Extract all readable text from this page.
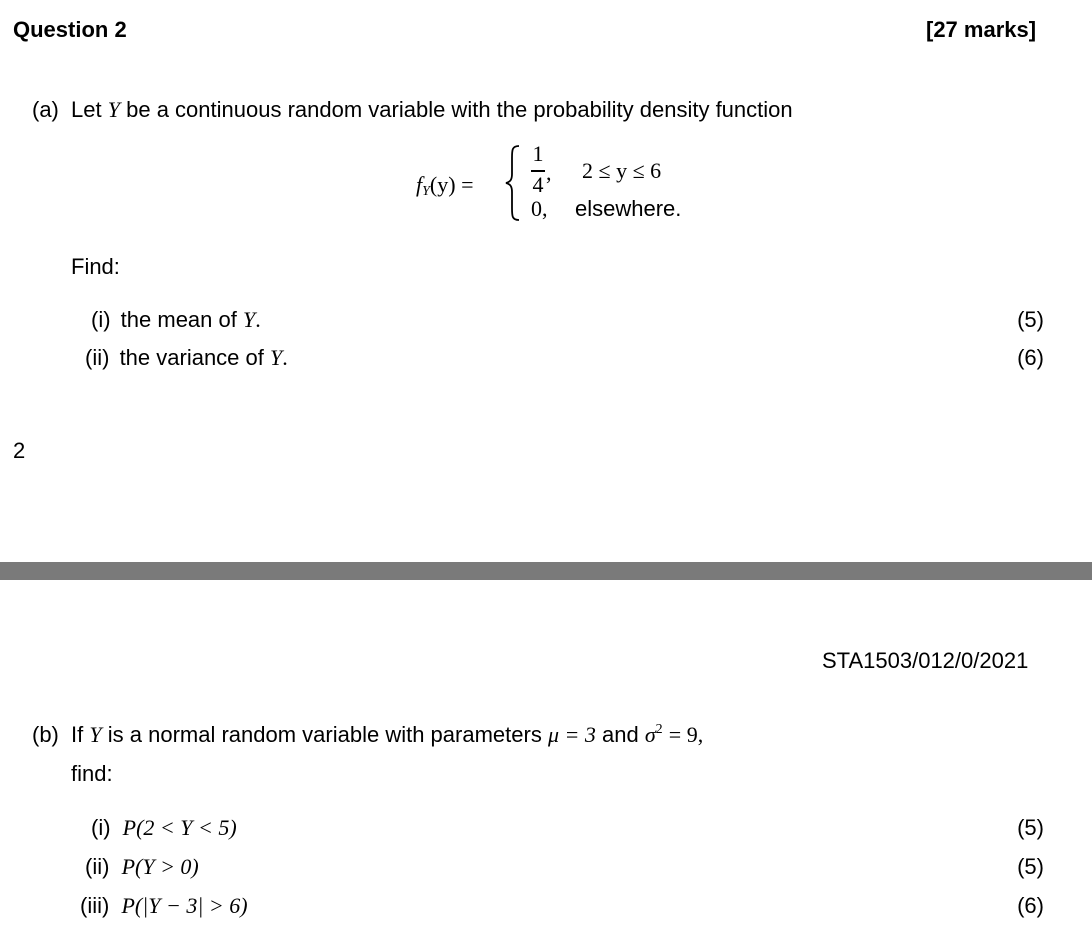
Question 2	[27 marks]
(a) Let Y be a continuous random variable with the probability density function
$f_Y(y)$ =
1
4 , 2 ≤ y ≤ 6
0, elsewhere.
Find:
(i) the mean of Y.	(5)
(ii) the variance of Y.	(6)
2
STA1503/012/0/2021
(b) If Y is a normal random variable with parameters μ = 3 and $\sigma^2 = 9$,
find:
(i) P(2 < Y < 5)	(5)
(ii) P(Y > 0)	(5)
(iii) P(|Y − 3| > 6)	(6)
